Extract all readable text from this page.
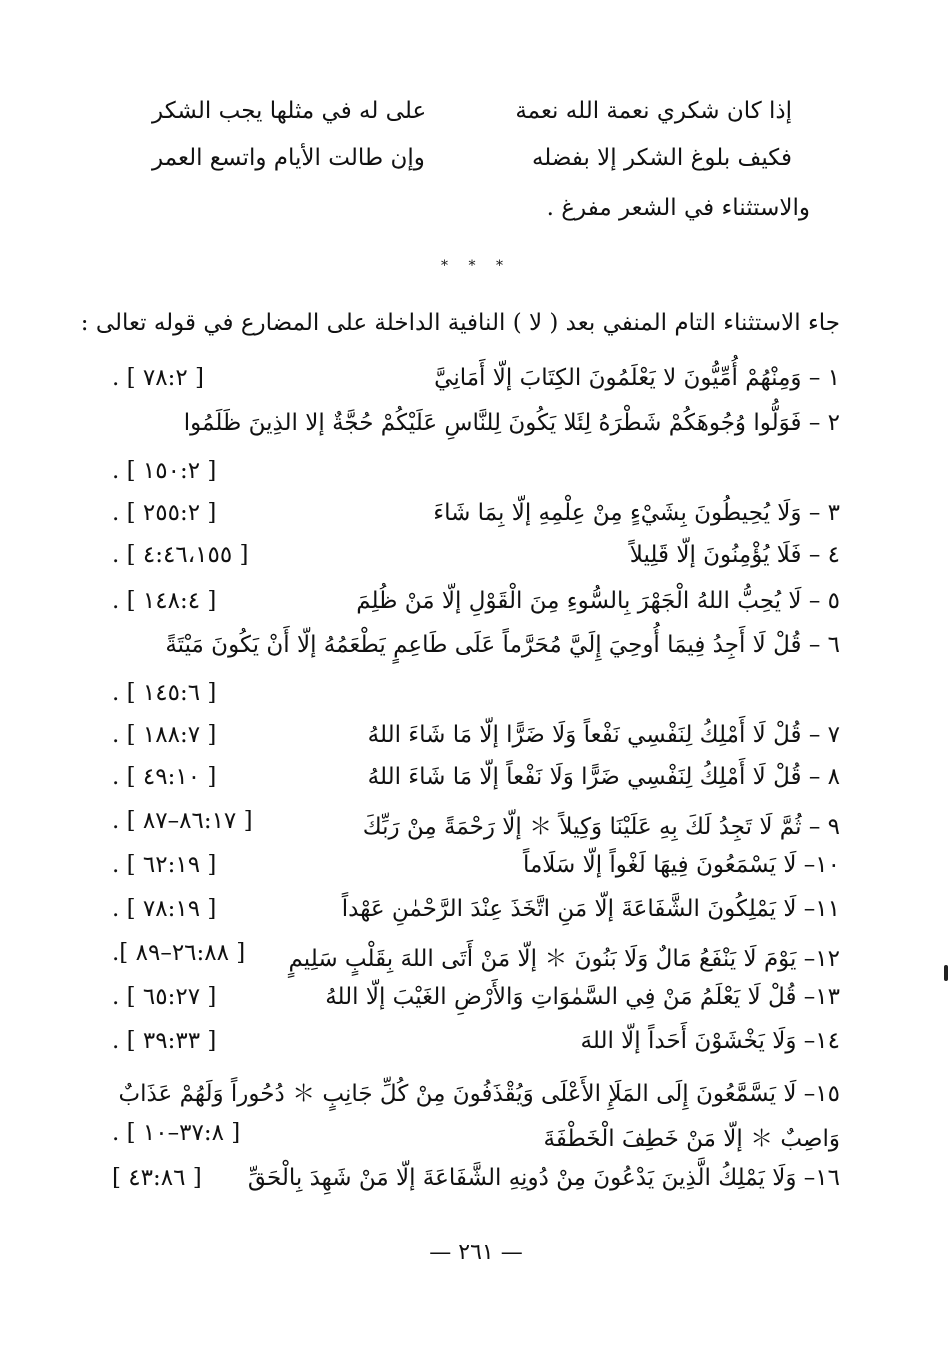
إذا كان شكري نعمة الله نعمة
على له في مثلها يجب الشكر
فكيف بلوغ الشكر إلا بفضله
وإن طالت الأيام واتسع العمر
والاستثناء في الشعر مفرغ .
* * *
جاء الاستثناء التام المنفي بعد ( لا ) النافية الداخلة على المضارع في قوله تعالى :
١ – وَمِنْهُمْ أُمِّيُّونَ لا يَعْلَمُونَ الكِتَابَ إلّا أَمَانِيَّ
[ ٧٨:٢ ] .
٢ – فَوَلُّوا وُجُوهَكُمْ شَطْرَهُ لِئَلا يَكُونَ لِلنَّاسِ عَلَيْكُمْ حُجَّةٌ إلا الذِينَ ظَلَمُوا
[ ١٥٠:٢ ] .
٣ – وَلَا يُحِيطُونَ بِشَيْءٍ مِنْ عِلْمِهِ إلّا بِمَا شَاءَ
[ ٢٥٥:٢ ] .
٤ – فَلَا يُؤْمِنُونَ إلّا قَلِيلاً
[ ٤:٤٦،١٥٥ ] .
٥ – لَا يُحِبُّ اللهُ الْجَهْرَ بِالسُّوءِ مِنَ الْقَوْلِ إلّا مَنْ ظُلِمَ
[ ١٤٨:٤ ] .
٦ – قُلْ لَا أَجِدُ فِيمَا أُوحِيَ إِلَيَّ مُحَرَّماً عَلَى طَاعِمٍ يَطْعَمُهُ إلّا أَنْ يَكُونَ مَيْتَةً
[ ١٤٥:٦ ] .
٧ – قُلْ لَا أَمْلِكُ لِنَفْسِي نَفْعاً وَلَا ضَرًّا إلّا مَا شَاءَ اللهُ
[ ١٨٨:٧ ] .
٨ – قُلْ لَا أَمْلِكُ لِنَفْسِي ضَرًّا وَلَا نَفْعاً إلّا مَا شَاءَ اللهُ
[ ٤٩:١٠ ] .
٩ – ثُمَّ لَا تَجِدُ لَكَ بِهِ عَلَيْنَا وَكِيلاً ＊ إلّا رَحْمَةً مِنْ رَبِّكَ
[ ٨٦:١٧–٨٧ ] .
١٠– لَا يَسْمَعُونَ فِيهَا لَغْواً إلّا سَلَاماً
[ ٦٢:١٩ ] .
١١– لَا يَمْلِكُونَ الشَّفَاعَةَ إلّا مَنِ اتَّخَذَ عِنْدَ الرَّحْمٰنِ عَهْداً
[ ٧٨:١٩ ] .
١٢– يَوْمَ لَا يَنْفَعُ مَالٌ وَلَا بَنُونَ ＊ إلّا مَنْ أَتَى اللهَ بِقَلْبٍ سَلِيمٍ
[ ٢٦:٨٨–٨٩ ].
١٣– قُلْ لَا يَعْلَمُ مَنْ فِي السَّمٰوَاتِ وَالأَرْضِ الغَيْبَ إلّا اللهُ
[ ٦٥:٢٧ ] .
١٤– وَلَا يَخْشَوْنَ أَحَداً إلّا اللهَ
[ ٣٩:٣٣ ] .
١٥– لَا يَسَّمَّعُونَ إِلَى المَلَإِ الأَعْلَى وَيُقْذَفُونَ مِنْ كُلِّ جَانِبٍ ＊ دُحُوراً وَلَهُمْ عَذَابٌ
وَاصِبٌ ＊ إلّا مَنْ خَطِفَ الْخَطْفَةَ
[ ٣٧:٨–١٠ ] .
١٦– وَلَا يَمْلِكُ الَّذِينَ يَدْعُونَ مِنْ دُونِهِ الشَّفَاعَةَ إلّا مَنْ شَهِدَ بِالْحَقِّ
[ ٤٣:٨٦ ]
— ٢٦١ —
